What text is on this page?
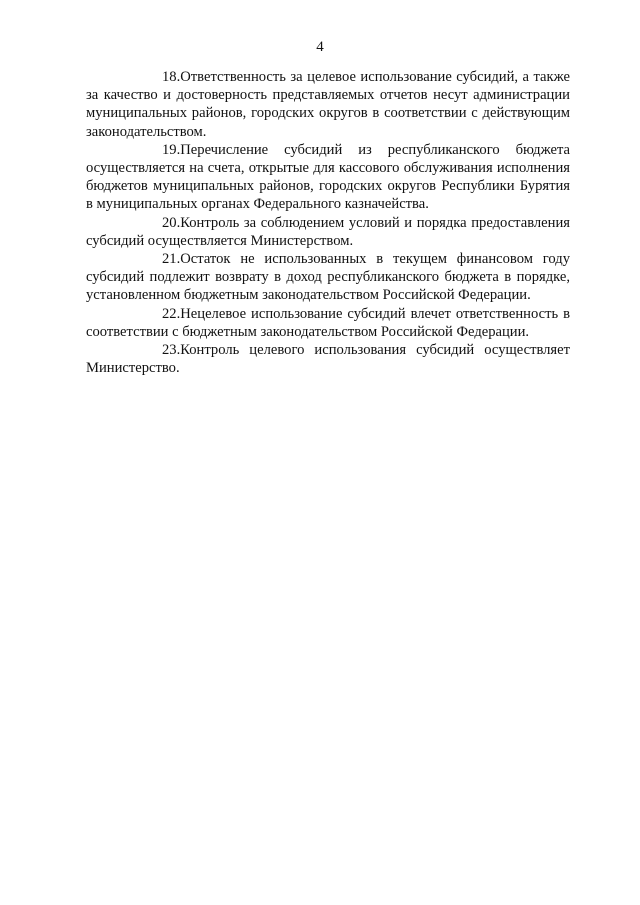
4

18.Ответственность за целевое использование субсидий, а также за качество и достоверность представляемых отчетов несут администрации муниципальных районов, городских округов в соответствии с действующим законодательством.

19.Перечисление субсидий из республиканского бюджета осуществляется на счета, открытые для кассового обслуживания исполнения бюджетов муниципальных районов, городских округов Республики Бурятия в муниципальных органах Федерального казначейства.

20.Контроль за соблюдением условий и порядка предоставления субсидий осуществляется Министерством.

21.Остаток не использованных в текущем финансовом году субсидий подлежит возврату в доход республиканского бюджета в порядке, установленном бюджетным законодательством Российской Федерации.

22.Нецелевое использование субсидий влечет ответственность в соответствии с бюджетным законодательством Российской Федерации.

23.Контроль целевого использования субсидий осуществляет Министерство.
